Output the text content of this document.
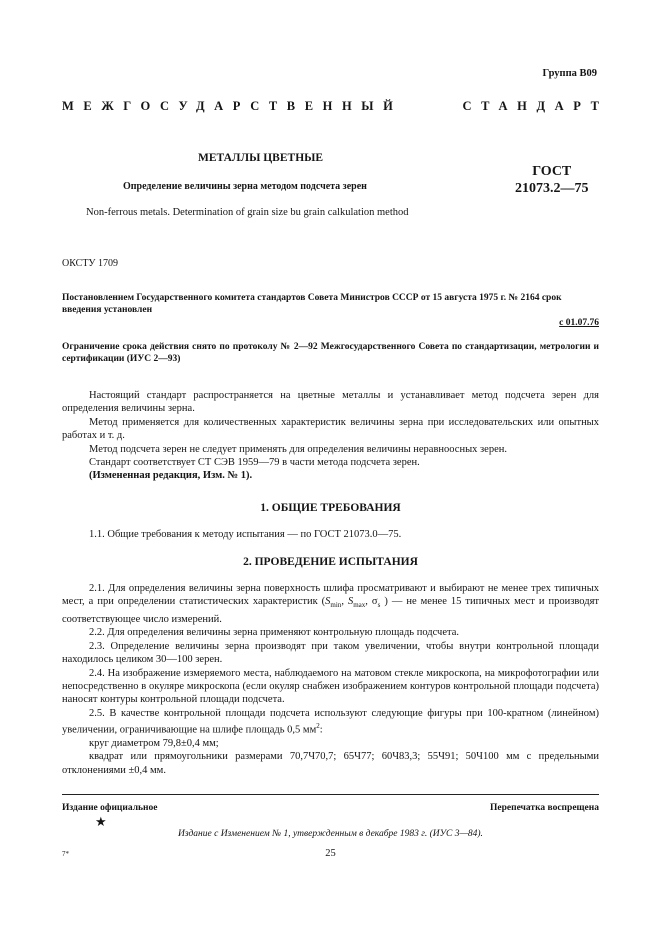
Группа В09
МЕЖГОСУДАРСТВЕННЫЙ	СТАНДАРТ
МЕТАЛЛЫ ЦВЕТНЫЕ
Определение величины зерна методом подсчета зерен
ГОСТ
21073.2—75
Non-ferrous metals. Determination of grain size bu grain calkulation method
ОКСТУ 1709
Постановлением Государственного комитета стандартов Совета Министров СССР от 15 августа 1975 г. № 2164 срок введения установлен
с 01.07.76
Ограничение срока действия снято по протоколу № 2—92 Межгосударственного Совета по стандартизации, метрологии и сертификации (ИУС 2—93)

Настоящий стандарт распространяется на цветные металлы и устанавливает метод подсчета зерен для определения величины зерна.

Метод применяется для количественных характеристик величины зерна при исследовательских или опытных работах и т. д.

Метод подсчета зерен не следует применять для определения величины неравноосных зерен.

Стандарт соответствует СТ СЭВ 1959—79 в части метода подсчета зерен.

(Измененная редакция, Изм. № 1).

1. ОБЩИЕ ТРЕБОВАНИЯ

1.1. Общие требования к методу испытания — по ГОСТ 21073.0—75.

2. ПРОВЕДЕНИЕ ИСПЫТАНИЯ

2.1. Для определения величины зерна поверхность шлифа просматривают и выбирают не менее трех типичных мест, а при определении статистических характеристик ($S_{min}$, $S_{max}$, $\sigma_s$ ) — не менее 15 типичных мест и производят соответствующее число измерений.

2.2. Для определения величины зерна применяют контрольную площадь подсчета.

2.3. Определение величины зерна производят при таком увеличении, чтобы внутри контрольной площади находилось целиком 30—100 зерен.

2.4. На изображение измеряемого места, наблюдаемого на матовом стекле микроскопа, на микрофотографии или непосредственно в окуляре микроскопа (если окуляр снабжен изображением контуров контрольной площади подсчета) наносят контуры контрольной площади подсчета.

2.5. В качестве контрольной площади подсчета используют следующие фигуры при 100-кратном (линейном) увеличении, ограничивающие на шлифе площадь 0,5 $мм^2$:

круг диаметром 79,8±0,4 мм;

квадрат или прямоугольники размерами 70,7Ч70,7; 65Ч77; 60Ч83,3; 55Ч91; 50Ч100 мм с предельными отклонениями ±0,4 мм.

Издание официальное	Перепечатка воспрещена
★
Издание с Изменением № 1, утвержденным в декабре 1983 г. (ИУС 3—84).
7*	25
